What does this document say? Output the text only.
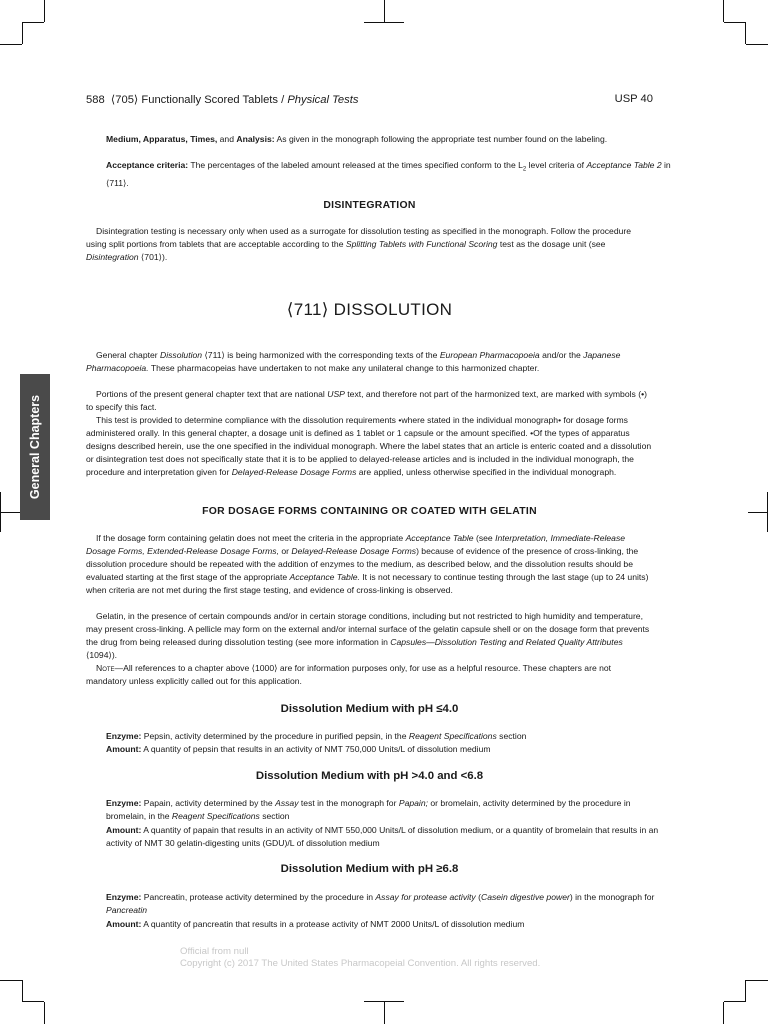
General Chapters
588 ⟨705⟩ Functionally Scored Tablets / Physical Tests	USP 40

Medium, Apparatus, Times, and Analysis: As given in the monograph following the appropriate test number found on the labeling.

Acceptance criteria: The percentages of the labeled amount released at the times specified conform to the $L_2$ level criteria of Acceptance Table 2 in ⟨711⟩.

DISINTEGRATION

Disintegration testing is necessary only when used as a surrogate for dissolution testing as specified in the monograph. Follow the procedure using split portions from tablets that are acceptable according to the Splitting Tablets with Functional Scoring test as the dosage unit (see Disintegration ⟨701⟩).

⟨711⟩ DISSOLUTION

General chapter Dissolution ⟨711⟩ is being harmonized with the corresponding texts of the European Pharmacopoeia and/or the Japanese Pharmacopoeia. These pharmacopeias have undertaken to not make any unilateral change to this harmonized chapter.

Portions of the present general chapter text that are national USP text, and therefore not part of the harmonized text, are marked with symbols (•) to specify this fact.

This test is provided to determine compliance with the dissolution requirements •where stated in the individual monograph• for dosage forms administered orally. In this general chapter, a dosage unit is defined as 1 tablet or 1 capsule or the amount specified. •Of the types of apparatus designs described herein, use the one specified in the individual monograph. Where the label states that an article is enteric coated and a dissolution or disintegration test does not specifically state that it is to be applied to delayed-release articles and is included in the individual monograph, the procedure and interpretation given for Delayed-Release Dosage Forms are applied, unless otherwise specified in the individual monograph.

FOR DOSAGE FORMS CONTAINING OR COATED WITH GELATIN

If the dosage form containing gelatin does not meet the criteria in the appropriate Acceptance Table (see Interpretation, Immediate-Release Dosage Forms, Extended-Release Dosage Forms, or Delayed-Release Dosage Forms) because of evidence of the presence of cross-linking, the dissolution procedure should be repeated with the addition of enzymes to the medium, as described below, and the dissolution results should be evaluated starting at the first stage of the appropriate Acceptance Table. It is not necessary to continue testing through the last stage (up to 24 units) when criteria are not met during the first stage testing, and evidence of cross-linking is observed.

Gelatin, in the presence of certain compounds and/or in certain storage conditions, including but not restricted to high humidity and temperature, may present cross-linking. A pellicle may form on the external and/or internal surface of the gelatin capsule shell or on the dosage form that prevents the drug from being released during dissolution testing (see more information in Capsules—Dissolution Testing and Related Quality Attributes ⟨1094⟩).

Note—All references to a chapter above ⟨1000⟩ are for information purposes only, for use as a helpful resource. These chapters are not mandatory unless explicitly called out for this application.

Dissolution Medium with pH ≤4.0

Enzyme: Pepsin, activity determined by the procedure in purified pepsin, in the Reagent Specifications section

Amount: A quantity of pepsin that results in an activity of NMT 750,000 Units/L of dissolution medium

Dissolution Medium with pH >4.0 and <6.8

Enzyme: Papain, activity determined by the Assay test in the monograph for Papain; or bromelain, activity determined by the procedure in bromelain, in the Reagent Specifications section

Amount: A quantity of papain that results in an activity of NMT 550,000 Units/L of dissolution medium, or a quantity of bromelain that results in an activity of NMT 30 gelatin-digesting units (GDU)/L of dissolution medium

Dissolution Medium with pH ≥6.8

Enzyme: Pancreatin, protease activity determined by the procedure in Assay for protease activity (Casein digestive power) in the monograph for Pancreatin

Amount: A quantity of pancreatin that results in a protease activity of NMT 2000 Units/L of dissolution medium

Official from null
Copyright (c) 2017 The United States Pharmacopeial Convention. All rights reserved.
